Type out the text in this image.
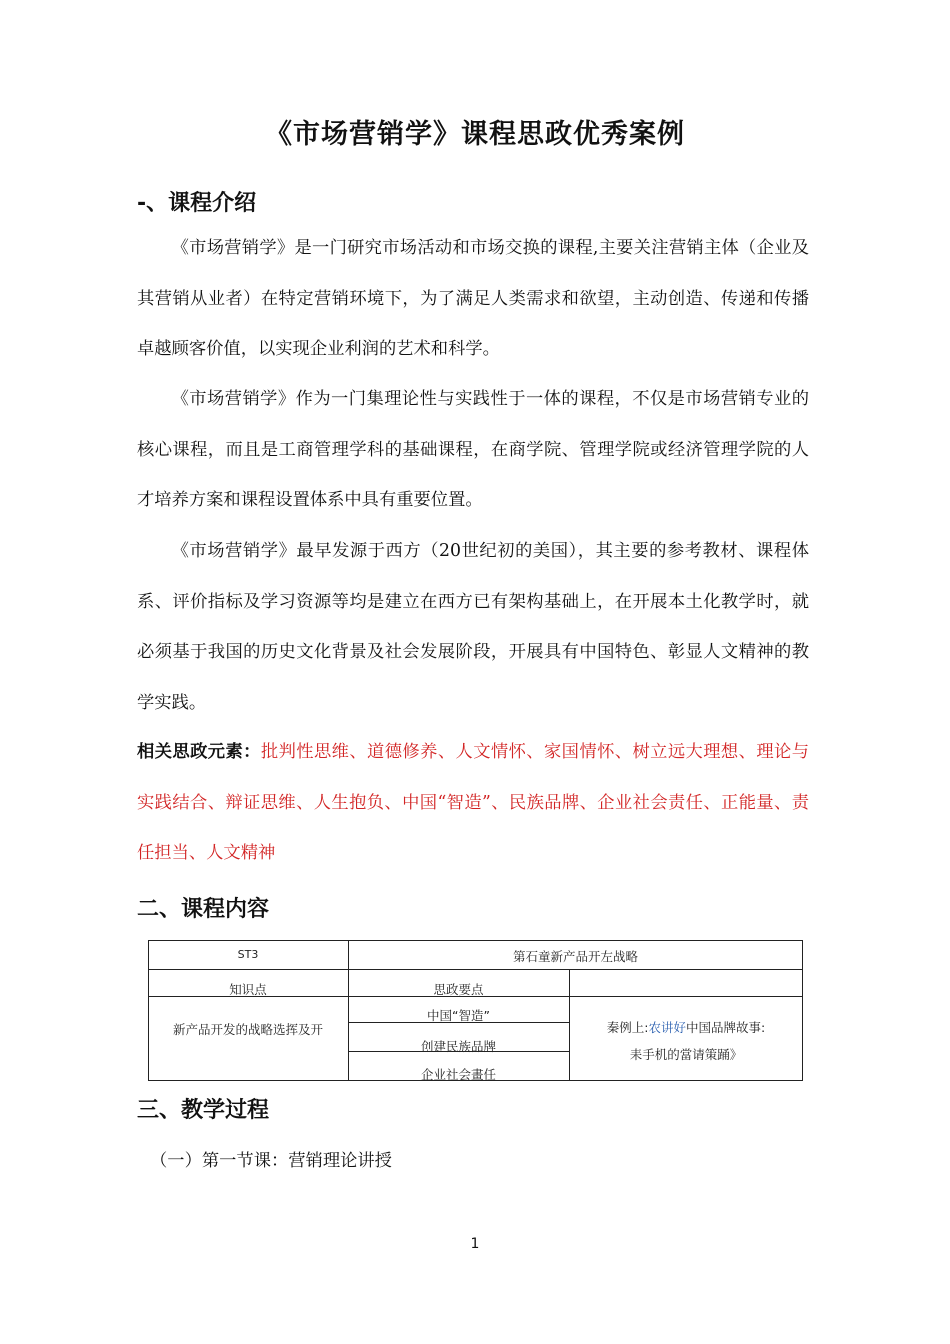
《市场营销学》课程思政优秀案例
-、课程介绍

《市场营销学》是一门研究市场活动和市场交换的课程,主要关注营销主体（企业及其营销从业者）在特定营销环境下，为了满足人类需求和欲望，主动创造、传递和传播卓越顾客价值，以实现企业利润的艺术和科学。

《市场营销学》作为一门集理论性与实践性于一体的课程，不仅是市场营销专业的核心课程，而且是工商管理学科的基础课程，在商学院、管理学院或经济管理学院的人才培养方案和课程设置体系中具有重要位置。

《市场营销学》最早发源于西方（20世纪初的美国），其主要的参考教材、课程体系、评价指标及学习资源等均是建立在西方已有架构基础上，在开展本土化教学时，就必须基于我国的历史文化背景及社会发展阶段，开展具有中国特色、彰显人文精神的教学实践。

相关思政元素：批判性思维、道德修养、人文情怀、家国情怀、树立远大理想、理论与实践结合、辩证思维、人生抱负、中国“智造”、民族品牌、企业社会责任、正能量、责任担当、人文精神

二、课程内容
ST3	第石童新产品开左战略
知识点	思政要点
新产品开发的战略选挥及开
中国“智造”
创建民族品牌
企业社会畫任
秦例上:农讲好中国品牌故事:
耒手机的當请策踊》
三、教学过程

（一）第一节课：营销理论讲授

1
